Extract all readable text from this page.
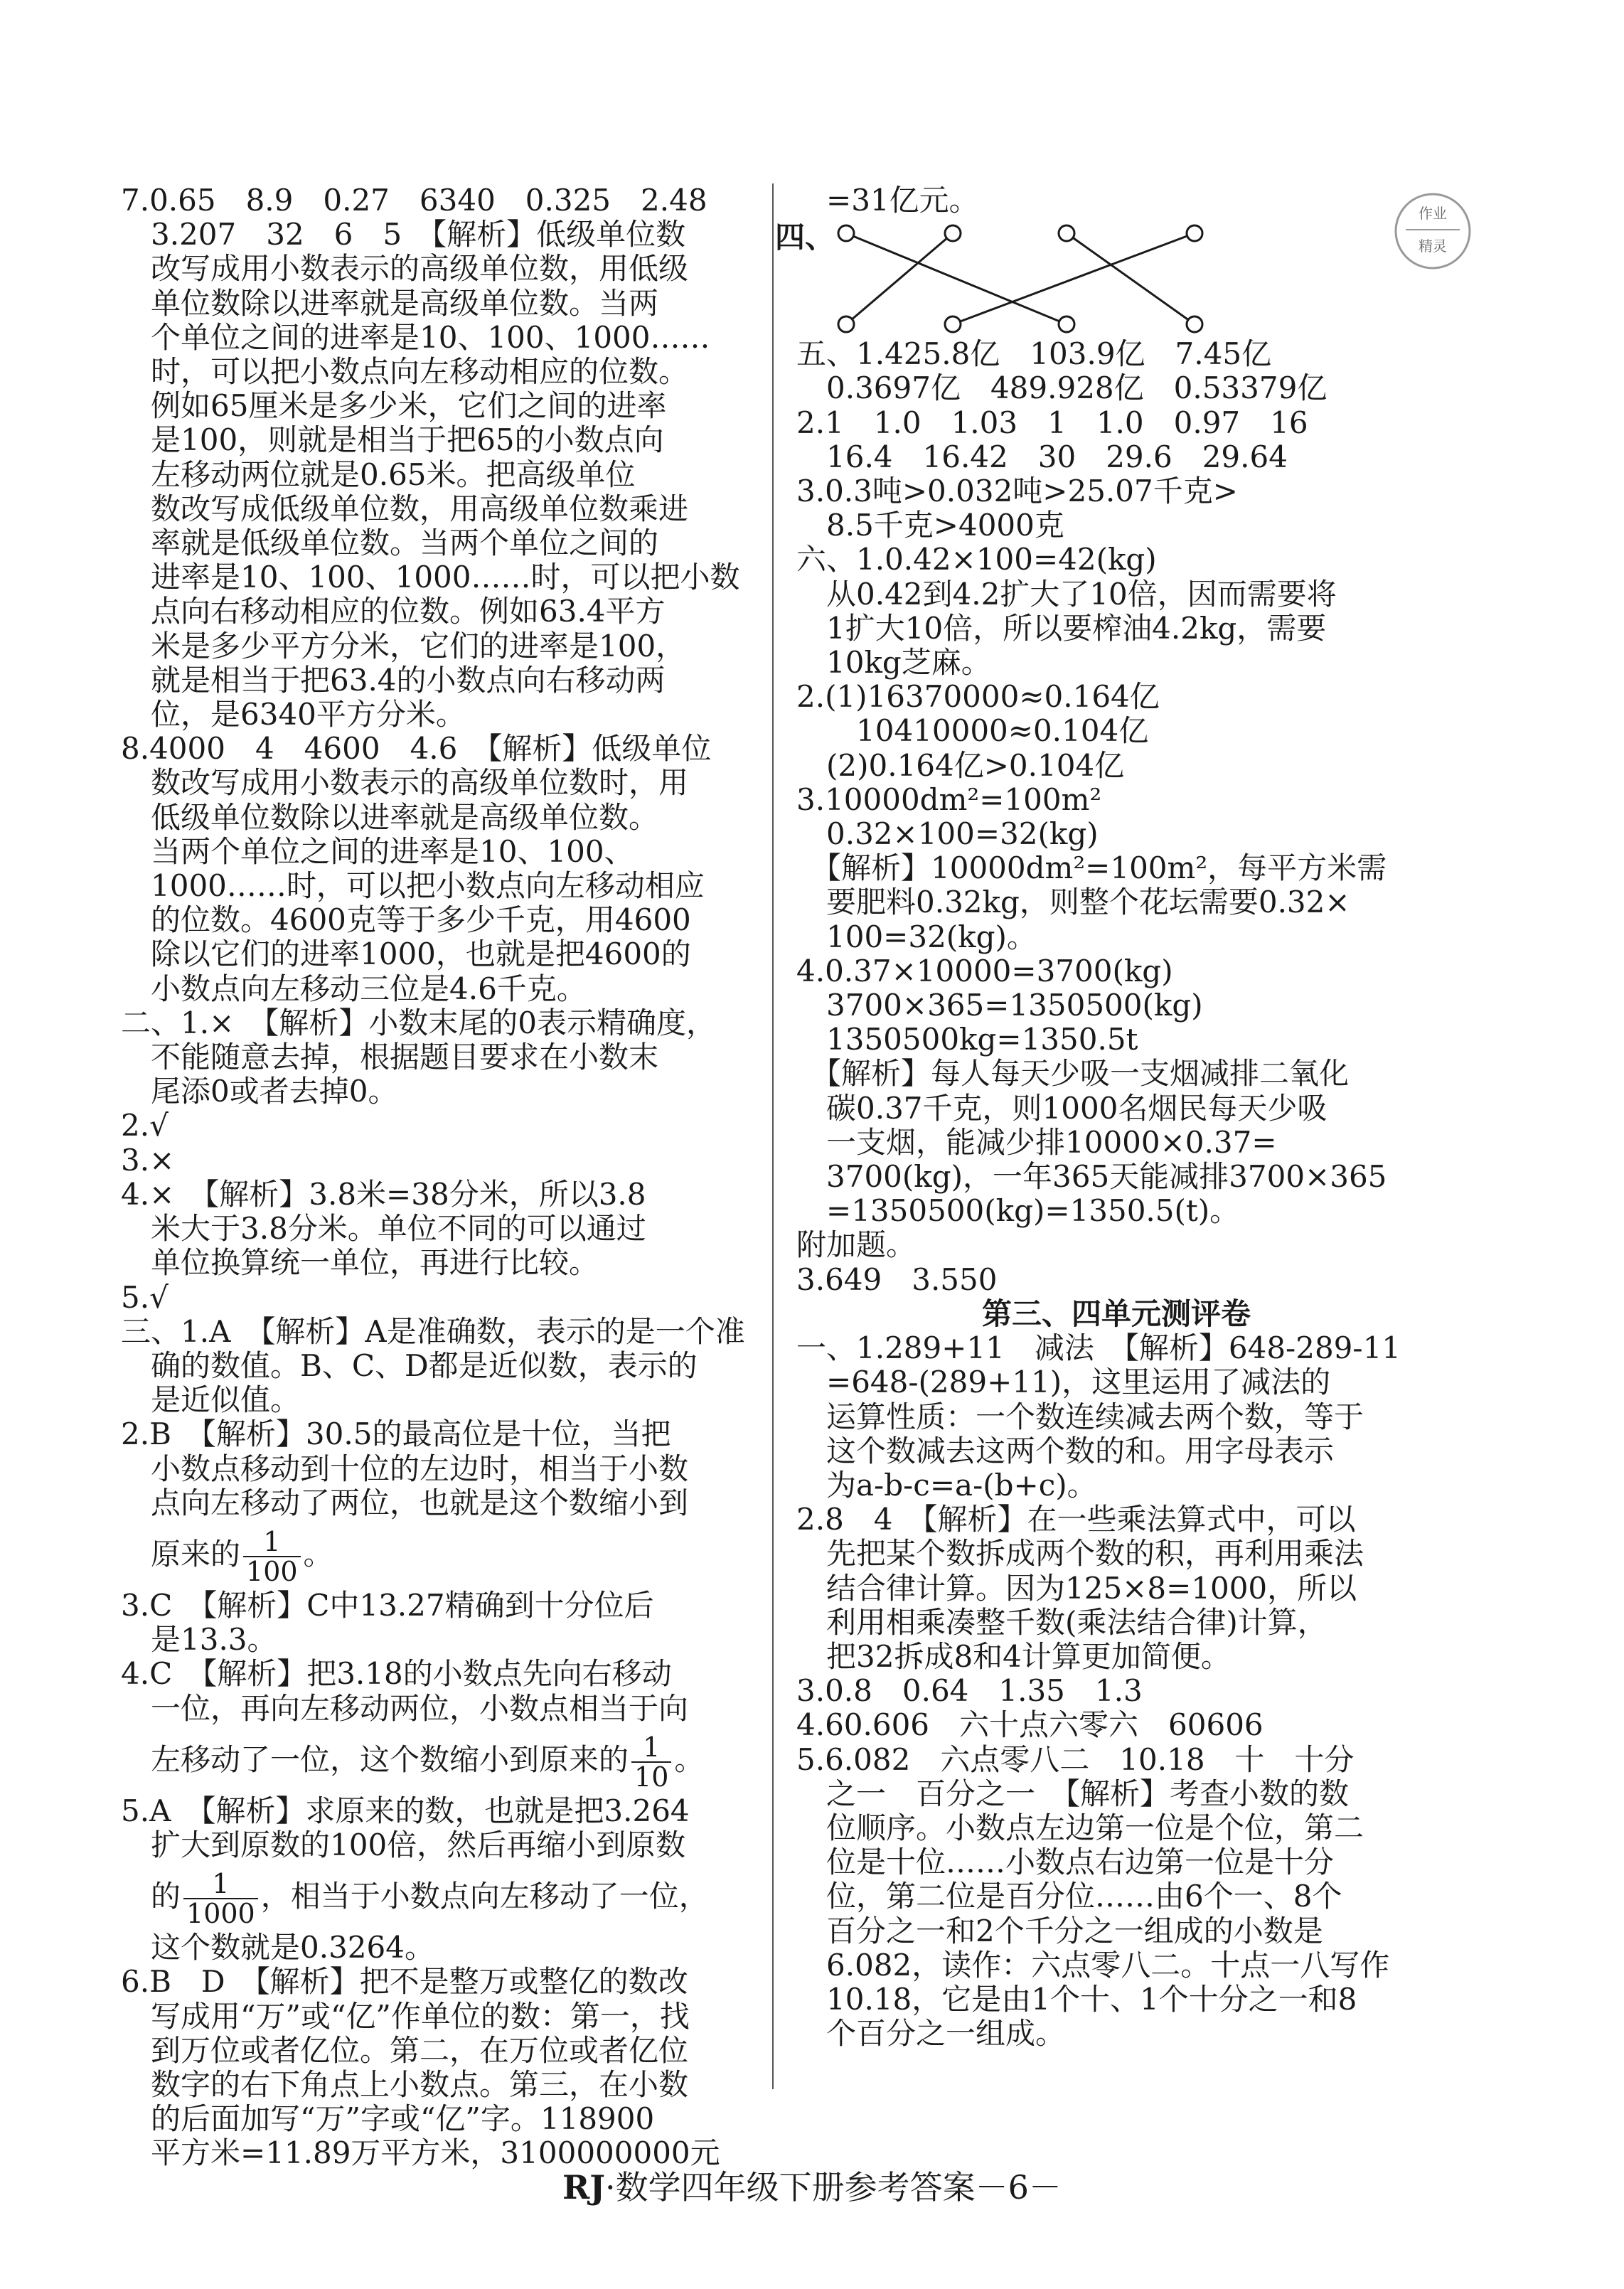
7.0.65　8.9　0.27　6340　0.325　2.48
　3.207　32　6　5　【解析】低级单位数
　改写成用小数表示的高级单位数，用低级
　单位数除以进率就是高级单位数。当两
　个单位之间的进率是10、100、1000……
　时，可以把小数点向左移动相应的位数。
　例如65厘米是多少米，它们之间的进率
　是100，则就是相当于把65的小数点向
　左移动两位就是0.65米。把高级单位
　数改写成低级单位数，用高级单位数乘进
　率就是低级单位数。当两个单位之间的
　进率是10、100、1000……时，可以把小数
　点向右移动相应的位数。例如63.4平方
　米是多少平方分米，它们的进率是100，
　就是相当于把63.4的小数点向右移动两
　位，是6340平方分米。
8.4000　4　4600　4.6　【解析】低级单位
　数改写成用小数表示的高级单位数时，用
　低级单位数除以进率就是高级单位数。
　当两个单位之间的进率是10、100、
　1000……时，可以把小数点向左移动相应
　的位数。4600克等于多少千克，用4600
　除以它们的进率1000，也就是把4600的
　小数点向左移动三位是4.6千克。
二、1.×　【解析】小数末尾的0表示精确度，
　不能随意去掉，根据题目要求在小数末
　尾添0或者去掉0。
2.√
3.×
4.×　【解析】3.8米=38分米，所以3.8
　米大于3.8分米。单位不同的可以通过
　单位换算统一单位，再进行比较。
5.√
三、1.A　【解析】A是准确数，表示的是一个准
　确的数值。B、C、D都是近似数，表示的
　是近似值。
2.B　【解析】30.5的最高位是十位，当把
　小数点移动到十位的左边时，相当于小数
　点向左移动了两位，也就是这个数缩小到
　原来的 $\frac{1}{100}$ 。
3.C　【解析】C中13.27精确到十分位后
　是13.3。
4.C　【解析】把3.18的小数点先向右移动
　一位，再向左移动两位，小数点相当于向
　左移动了一位，这个数缩小到原来的 $\frac{1}{10}$ 。
5.A　【解析】求原来的数，也就是把3.264
　扩大到原数的100倍，然后再缩小到原数
　的 $\frac{1}{1000}$ ，相当于小数点向左移动了一位，
　这个数就是0.3264。
6.B　D　【解析】把不是整万或整亿的数改
　写成用“万”或“亿”作单位的数：第一，找
　到万位或者亿位。第二，在万位或者亿位
　数字的右下角点上小数点。第三，在小数
　的后面加写“万”字或“亿”字。118900
　平方米=11.89万平方米，3100000000元
　=31亿元。
四、
五、1.425.8亿　103.9亿　7.45亿
　0.3697亿　489.928亿　0.53379亿
2.1　1.0　1.03　1　1.0　0.97　16
　16.4　16.42　30　29.6　29.64
3.0.3吨>0.032吨>25.07千克>
　8.5千克>4000克
六、1.0.42×100=42(kg)
　从0.42到4.2扩大了10倍，因而需要将
　1扩大10倍，所以要榨油4.2kg，需要
　10kg芝麻。
2.(1)16370000≈0.164亿
　　10410000≈0.104亿
　(2)0.164亿>0.104亿
3.10000dm²=100m²
　0.32×100=32(kg)
　【解析】10000dm²=100m²，每平方米需
　要肥料0.32kg，则整个花坛需要0.32×
　100=32(kg)。
4.0.37×10000=3700(kg)
　3700×365=1350500(kg)
　1350500kg=1350.5t
　【解析】每人每天少吸一支烟减排二氧化
　碳0.37千克，则1000名烟民每天少吸
　一支烟，能减少排10000×0.37=
　3700(kg)，一年365天能减排3700×365
　=1350500(kg)=1350.5(t)。
附加题。
3.649　3.550
第三、四单元测评卷
一、1.289+11　减法　【解析】648-289-11
　=648-(289+11)，这里运用了减法的
　运算性质：一个数连续减去两个数，等于
　这个数减去这两个数的和。用字母表示
　为a-b-c=a-(b+c)。
2.8　4　【解析】在一些乘法算式中，可以
　先把某个数拆成两个数的积，再利用乘法
　结合律计算。因为125×8=1000，所以
　利用相乘凑整千数(乘法结合律)计算，
　把32拆成8和4计算更加简便。
3.0.8　0.64　1.35　1.3
4.60.606　六十点六零六　60606
5.6.082　六点零八二　10.18　十　十分
　之一　百分之一　【解析】考查小数的数
　位顺序。小数点左边第一位是个位，第二
　位是十位……小数点右边第一位是十分
　位，第二位是百分位……由6个一、8个
　百分之一和2个千分之一组成的小数是
　6.082，读作：六点零八二。十点一八写作
　10.18，它是由1个十、1个十分之一和8
　个百分之一组成。
作业
精灵
RJ·数学四年级下册参考答案－6－
